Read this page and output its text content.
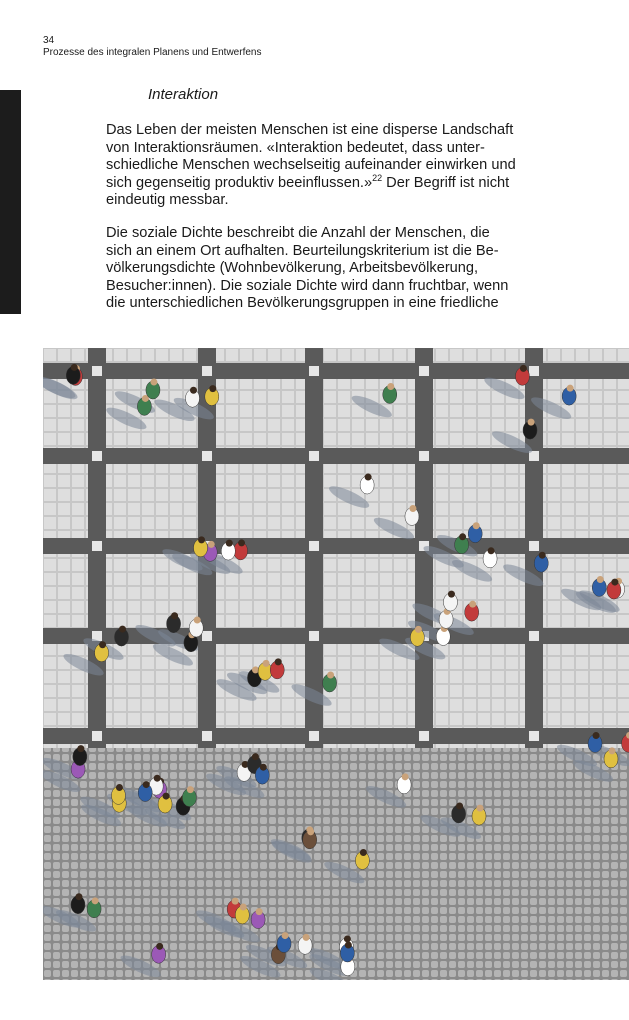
34
Prozesse des integralen Planens und Entwerfens
Interaktion

Das Leben der meisten Menschen ist eine disperse Landschaft
von Interaktionsräumen. «Interaktion bedeutet, dass unter-
schiedliche Menschen wechselseitig aufeinander einwirken und
sich gegenseitig produktiv beeinflussen.»$^{22}$ Der Begriff ist nicht
eindeutig messbar.

Die soziale Dichte beschreibt die Anzahl der Menschen, die
sich an einem Ort aufhalten. Beurteilungskriterium ist die Be-
völkerungsdichte (Wohnbevölkerung, Arbeitsbevölkerung,
Besucher:innen). Die soziale Dichte wird dann fruchtbar, wenn
die unterschiedlichen Bevölkerungsgruppen in eine friedliche
